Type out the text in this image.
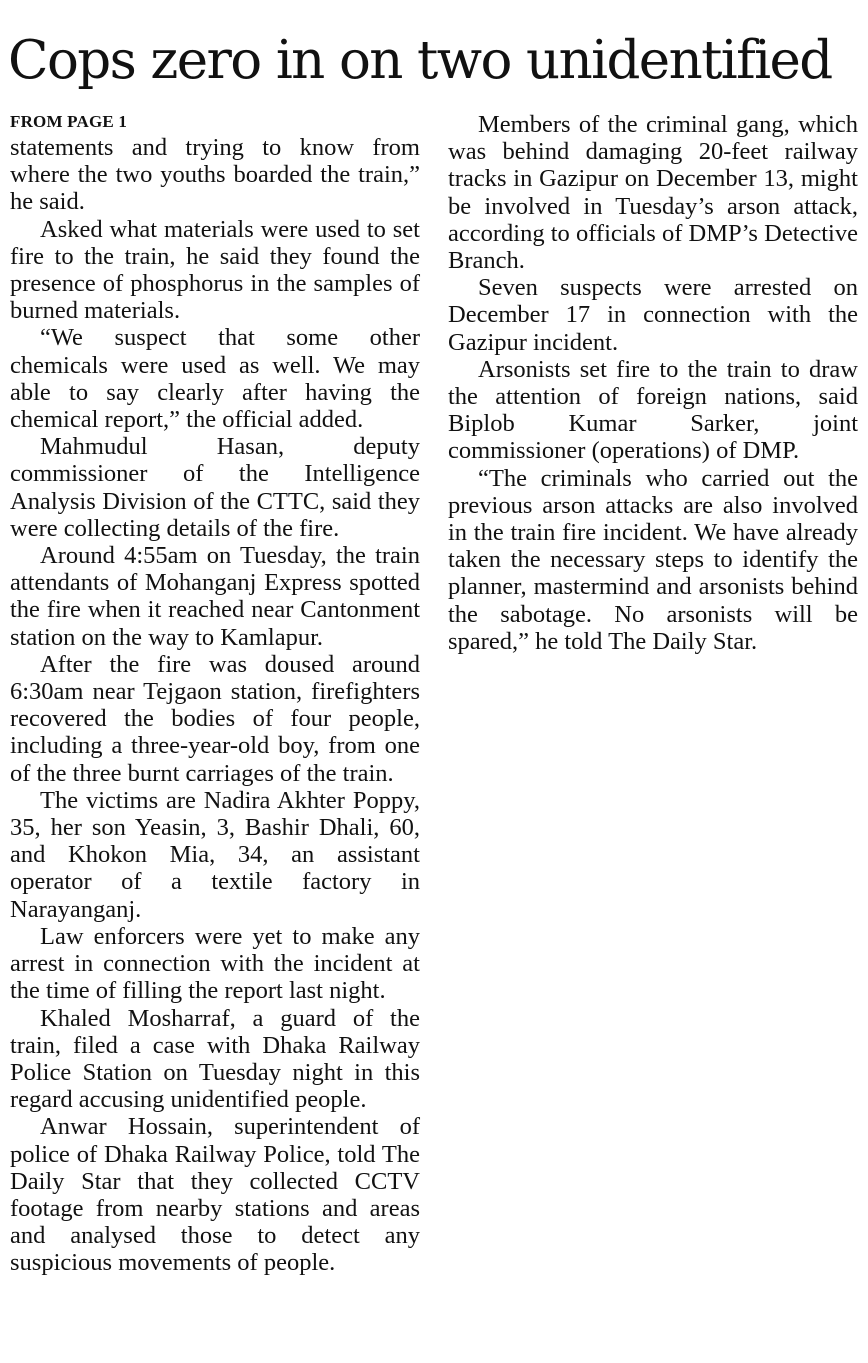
Cops zero in on two unidentified
FROM PAGE 1

statements and trying to know from where the two youths boarded the train,” he said.

Asked what materials were used to set fire to the train, he said they found the presence of phosphorus in the samples of burned materials.

“We suspect that some other chemicals were used as well. We may able to say clearly after having the chemical report,” the official added.

Mahmudul Hasan, deputy commissioner of the Intelligence Analysis Division of the CTTC, said they were collecting details of the fire.

Around 4:55am on Tuesday, the train attendants of Mohanganj Express spotted the fire when it reached near Cantonment station on the way to Kamlapur.

After the fire was doused around 6:30am near Tejgaon station, firefighters recovered the bodies of four people, including a three-year-old boy, from one of the three burnt carriages of the train.

The victims are Nadira Akhter Poppy, 35, her son Yeasin, 3, Bashir Dhali, 60, and Khokon Mia, 34, an assistant operator of a textile factory in Narayanganj.

Law enforcers were yet to make any arrest in connection with the incident at the time of filling the report last night.

Khaled Mosharraf, a guard of the train, filed a case with Dhaka Railway Police Station on Tuesday night in this regard accusing unidentified people.

Anwar Hossain, superintendent of police of Dhaka Railway Police, told The Daily Star that they collected CCTV footage from nearby stations and areas and analysed those to detect any suspicious movements of people.

Members of the criminal gang, which was behind damaging 20-feet railway tracks in Gazipur on December 13, might be involved in Tuesday’s arson attack, according to officials of DMP’s Detective Branch.

Seven suspects were arrested on December 17 in connection with the Gazipur incident.

Arsonists set fire to the train to draw the attention of foreign nations, said Biplob Kumar Sarker, joint commissioner (operations) of DMP.

“The criminals who carried out the previous arson attacks are also involved in the train fire incident. We have already taken the necessary steps to identify the planner, mastermind and arsonists behind the sabotage. No arsonists will be spared,” he told The Daily Star.
